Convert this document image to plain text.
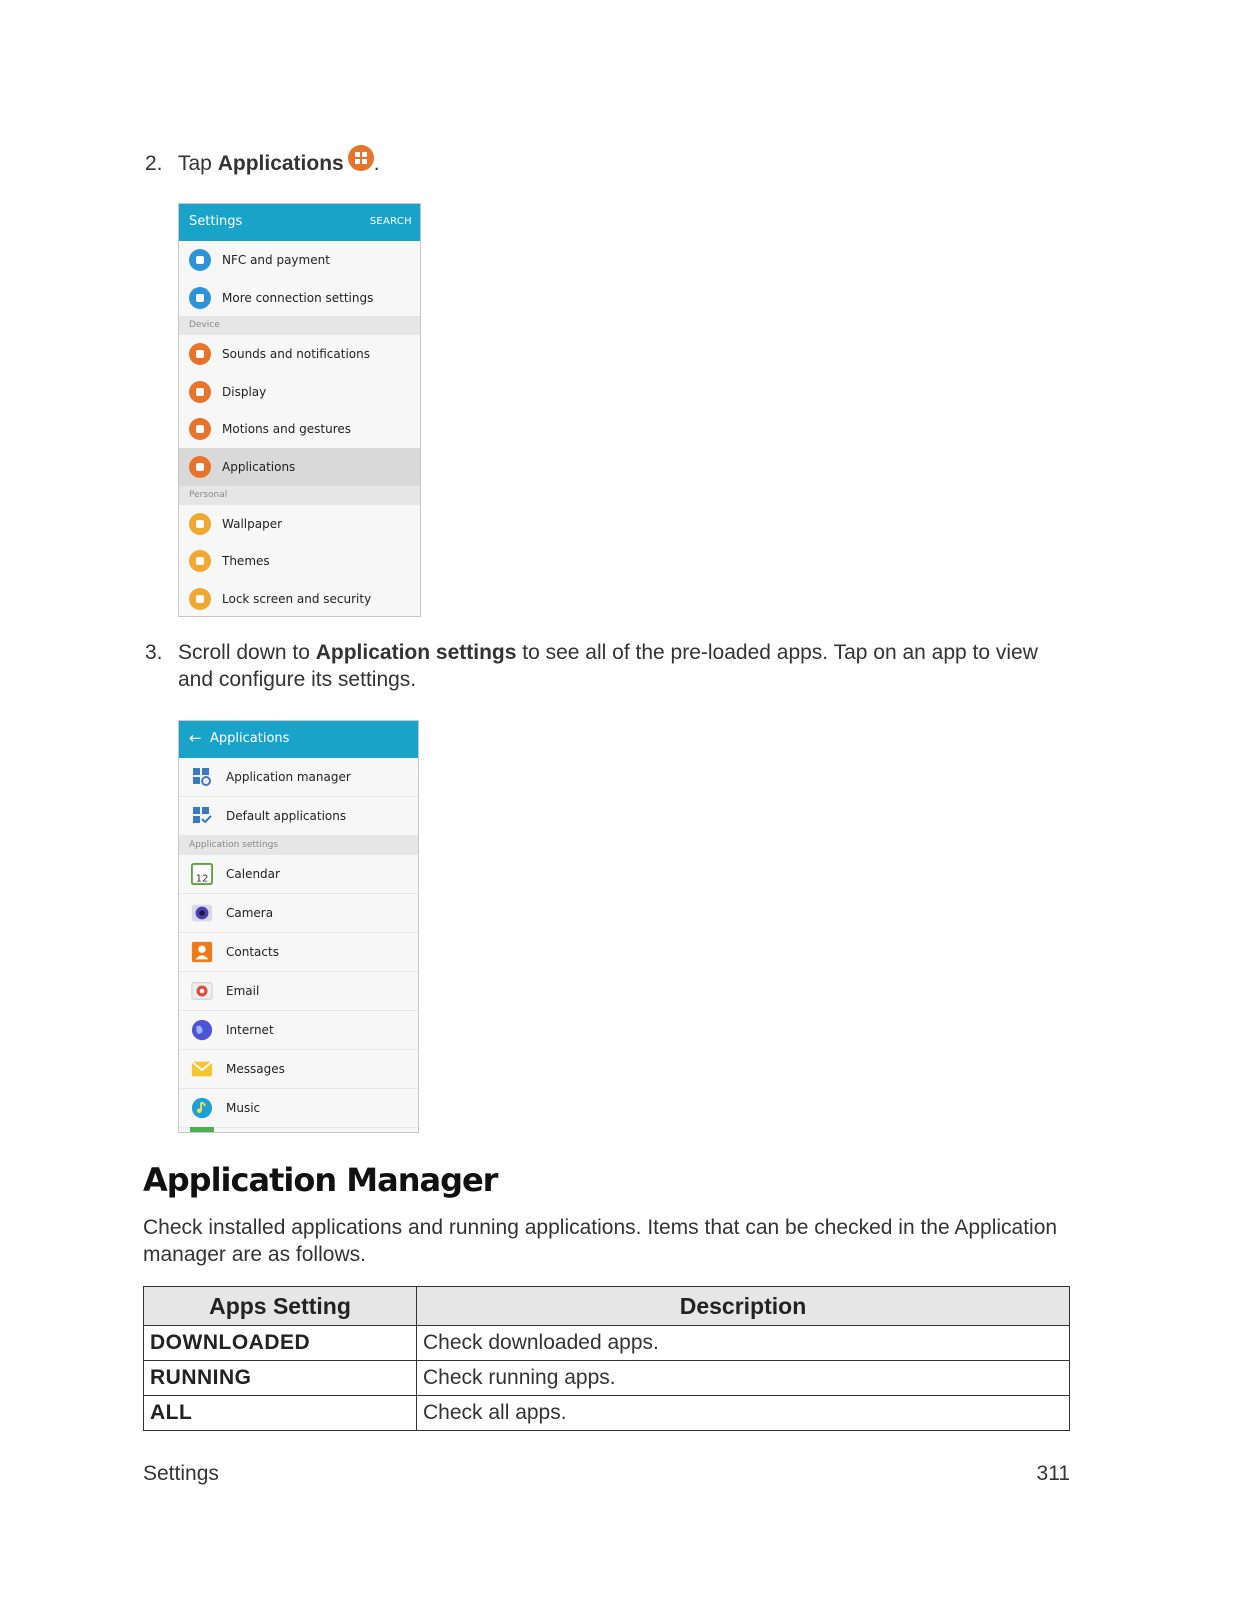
2. Tap Applications .
Settings	SEARCH
NFC and payment
More connection settings
Device
Sounds and notifications
Display
Motions and gestures
Applications
Personal
Wallpaper
Themes
Lock screen and security
3. Scroll down to Application settings to see all of the pre-loaded apps. Tap on an app to view and configure its settings.
← Applications
Application manager
Default applications
Application settings
12 Calendar
Camera
Contacts
Email
Internet
Messages
Music
Application Manager
Check installed applications and running applications. Items that can be checked in the Application manager are as follows.
Apps Setting	Description
DOWNLOADED	Check downloaded apps.
RUNNING	Check running apps.
ALL	Check all apps.
Settings	311
